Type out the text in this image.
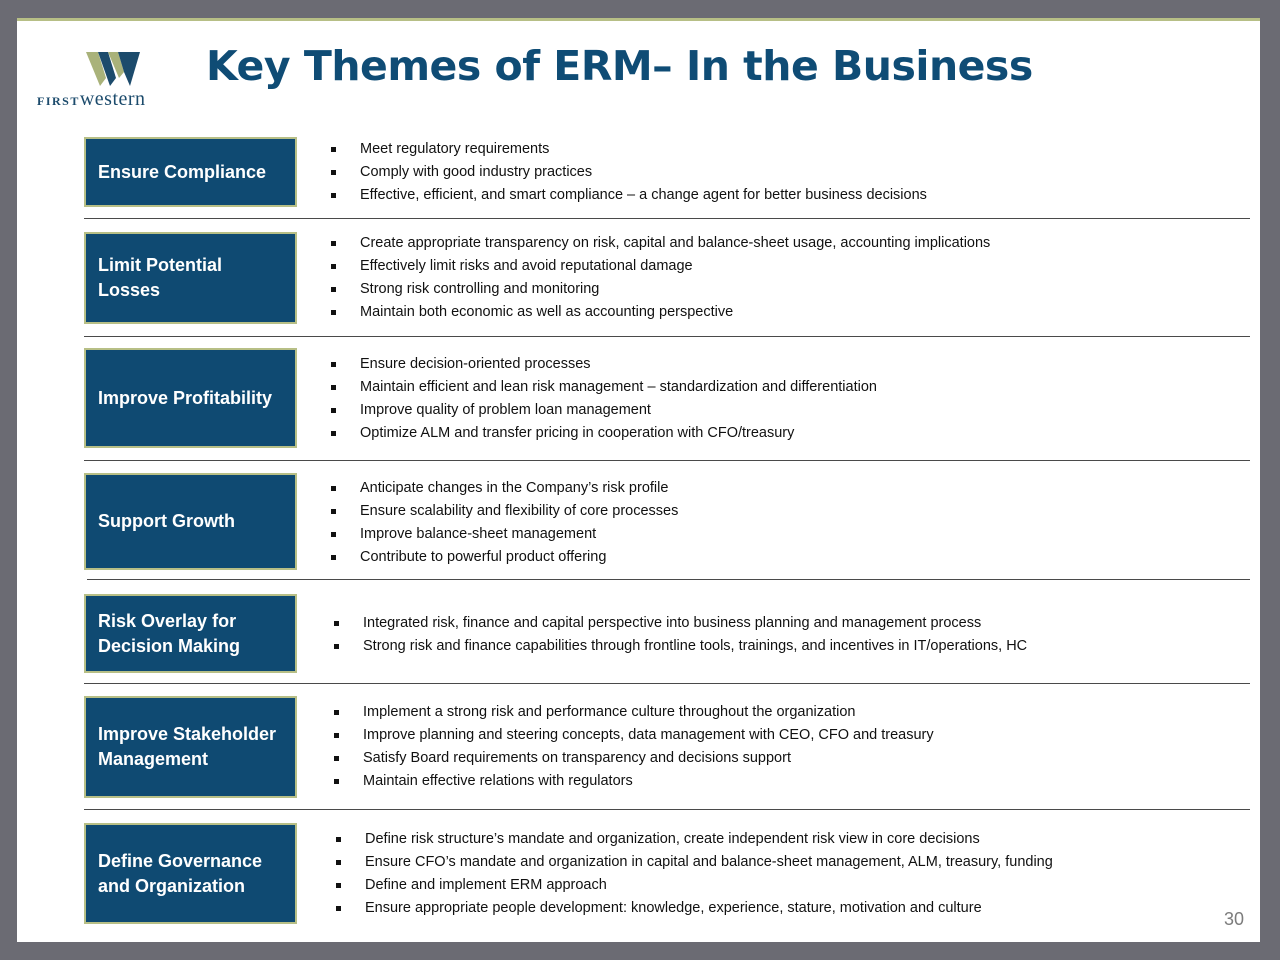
FIRSTwestern
Key Themes of ERM– In the Business
Ensure Compliance
Meet regulatory requirements
Comply with good industry practices
Effective, efficient, and smart compliance – a change agent for better business decisions
Limit Potential
Losses
Create appropriate transparency on risk, capital and balance-sheet usage, accounting implications
Effectively limit risks and avoid reputational damage
Strong risk controlling and monitoring
Maintain both economic as well as accounting perspective
Improve Profitability
Ensure decision-oriented processes
Maintain efficient and lean risk management – standardization and differentiation
Improve quality of problem loan management
Optimize ALM and transfer pricing in cooperation with CFO/treasury
Support Growth
Anticipate changes in the Company’s risk profile
Ensure scalability and flexibility of core processes
Improve balance-sheet management
Contribute to powerful product offering
Risk Overlay for
Decision Making
Integrated risk, finance and capital perspective into business planning and management process
Strong risk and finance capabilities through frontline tools, trainings, and incentives in IT/operations, HC
Improve Stakeholder
Management
Implement a strong risk and performance culture throughout the organization
Improve planning and steering concepts, data management with CEO, CFO and treasury
Satisfy Board requirements on transparency and decisions support
Maintain effective relations with regulators
Define Governance
and Organization
Define risk structure’s mandate and organization, create independent risk view in core decisions
Ensure CFO’s mandate and organization in capital and balance-sheet management, ALM, treasury, funding
Define and implement ERM approach
Ensure appropriate people development: knowledge, experience, stature, motivation and culture
30
